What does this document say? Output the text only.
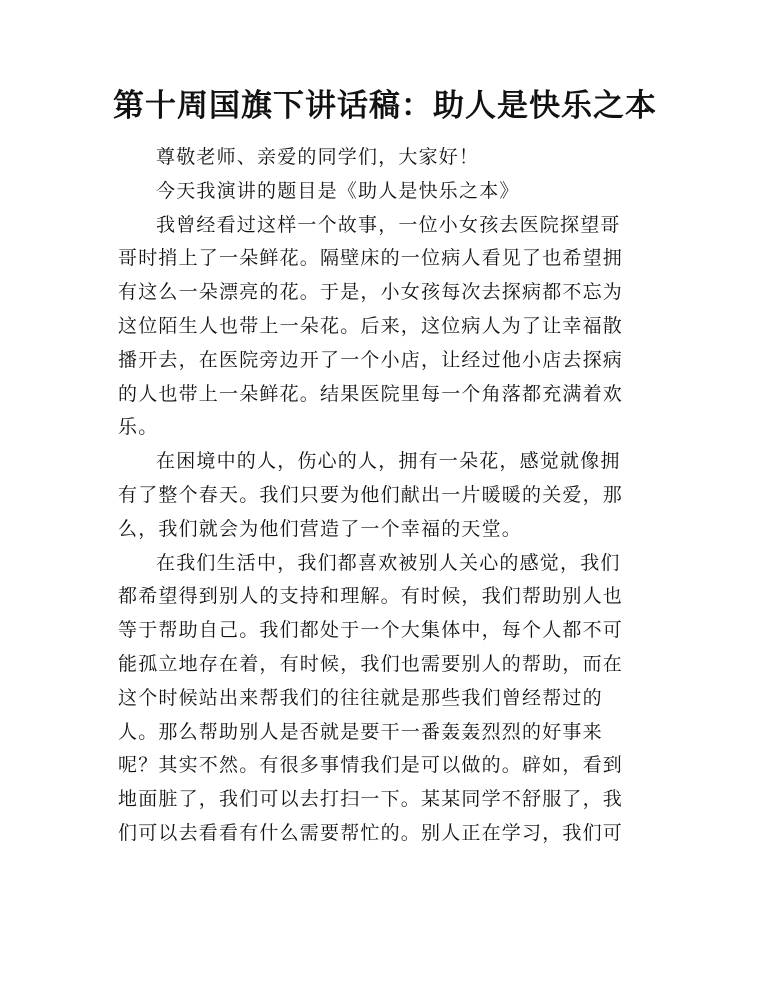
第十周国旗下讲话稿：助人是快乐之本

尊敬老师、亲爱的同学们，大家好！

今天我演讲的题目是《助人是快乐之本》

我曾经看过这样一个故事，一位小女孩去医院探望哥
哥时捎上了一朵鲜花。隔壁床的一位病人看见了也希望拥
有这么一朵漂亮的花。于是，小女孩每次去探病都不忘为
这位陌生人也带上一朵花。后来，这位病人为了让幸福散
播开去，在医院旁边开了一个小店，让经过他小店去探病
的人也带上一朵鲜花。结果医院里每一个角落都充满着欢
乐。

在困境中的人，伤心的人，拥有一朵花，感觉就像拥
有了整个春天。我们只要为他们献出一片暖暖的关爱，那
么，我们就会为他们营造了一个幸福的天堂。

在我们生活中，我们都喜欢被别人关心的感觉，我们
都希望得到别人的支持和理解。有时候，我们帮助别人也
等于帮助自己。我们都处于一个大集体中，每个人都不可
能孤立地存在着，有时候，我们也需要别人的帮助，而在
这个时候站出来帮我们的往往就是那些我们曾经帮过的
人。那么帮助别人是否就是要干一番轰轰烈烈的好事来
呢？其实不然。有很多事情我们是可以做的。辟如，看到
地面脏了，我们可以去打扫一下。某某同学不舒服了，我
们可以去看看有什么需要帮忙的。别人正在学习，我们可
